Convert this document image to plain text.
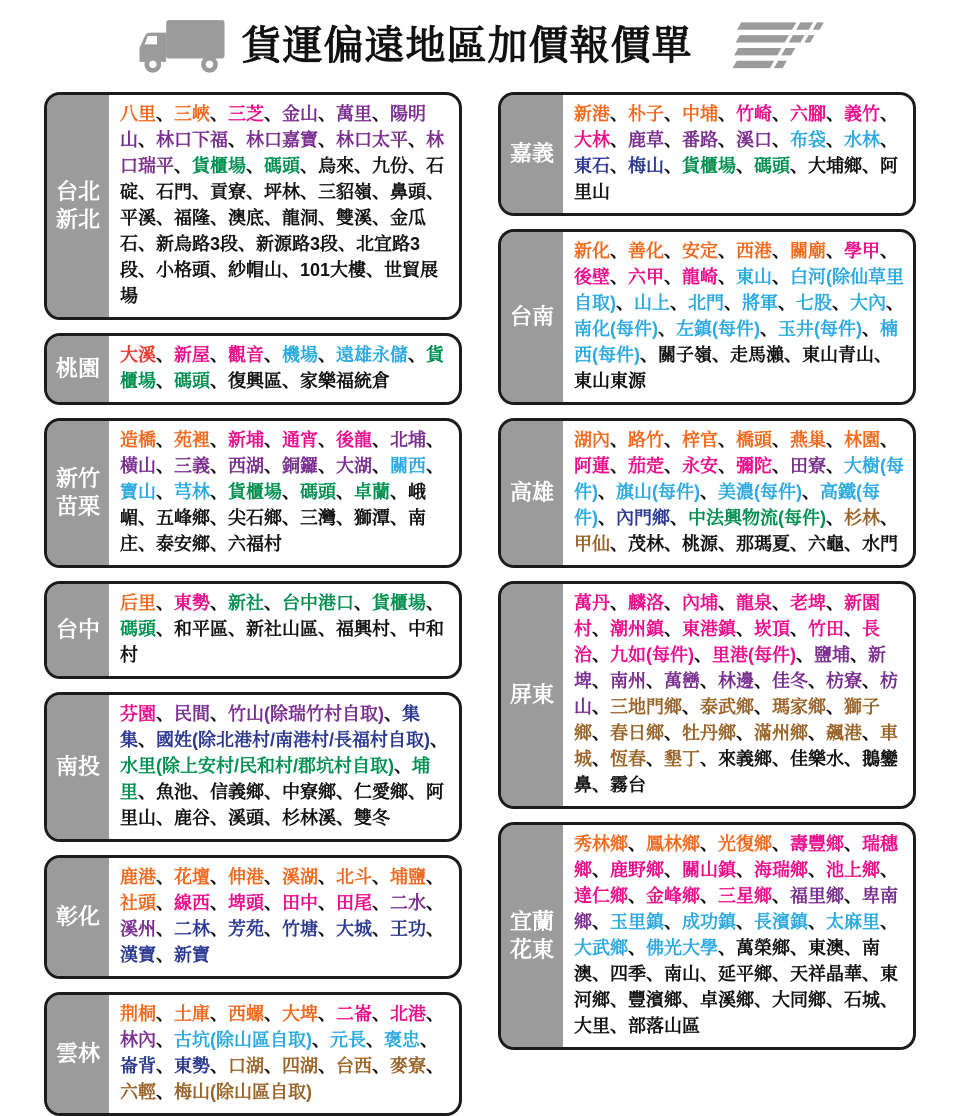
貨運偏遠地區加價報價單
台北
新北
八里、三峽、三芝、金山、萬里、陽明山、林口下福、林口嘉寶、林口太平、林口瑞平、貨櫃場、碼頭、烏來、九份、石碇、石門、貢寮、坪林、三貂嶺、鼻頭、平溪、福隆、澳底、龍洞、雙溪、金瓜石、新烏路3段、新源路3段、北宜路3段、小格頭、紗帽山、101大樓、世貿展場
桃園
大溪、新屋、觀音、機場、遠雄永儲、貨櫃場、碼頭、復興區、家樂福統倉
新竹
苗栗
造橋、苑裡、新埔、通宵、後龍、北埔、橫山、三義、西湖、銅鑼、大湖、關西、寶山、芎林、貨櫃場、碼頭、卓蘭、峨嵋、五峰鄉、尖石鄉、三灣、獅潭、南庄、泰安鄉、六福村
台中
后里、東勢、新社、台中港口、貨櫃場、碼頭、和平區、新社山區、福興村、中和村
南投
芬園、民間、竹山(除瑞竹村自取)、集集、國姓(除北港村/南港村/長福村自取)、水里(除上安村/民和村/郡坑村自取)、埔里、魚池、信義鄉、中寮鄉、仁愛鄉、阿里山、鹿谷、溪頭、杉林溪、雙冬
彰化
鹿港、花壇、伸港、溪湖、北斗、埔鹽、社頭、線西、埤頭、田中、田尾、二水、溪州、二林、芳苑、竹塘、大城、王功、漢寶、新寶
雲林
荆桐、土庫、西螺、大埤、二崙、北港、林內、古坑(除山區自取)、元長、褒忠、崙背、東勢、口湖、四湖、台西、麥寮、六輕、梅山(除山區自取)
嘉義
新港、朴子、中埔、竹崎、六腳、義竹、大林、鹿草、番路、溪口、布袋、水林、東石、梅山、貨櫃場、碼頭、大埔鄉、阿里山
台南
新化、善化、安定、西港、關廟、學甲、後壁、六甲、龍崎、東山、白河(除仙草里自取)、山上、北門、將軍、七股、大內、南化(每件)、左鎮(每件)、玉井(每件)、楠西(每件)、關子嶺、走馬瀨、東山青山、東山東源
高雄
湖內、路竹、梓官、橋頭、燕巢、林園、阿蓮、茄萣、永安、彌陀、田寮、大樹(每件)、旗山(每件)、美濃(每件)、高鐵(每件)、內門鄉、中法興物流(每件)、杉林、甲仙、茂林、桃源、那瑪夏、六龜、水門
屏東
萬丹、麟洛、內埔、龍泉、老埤、新園村、潮州鎮、東港鎮、崁頂、竹田、長治、九如(每件)、里港(每件)、鹽埔、新埤、南州、萬巒、林邊、佳冬、枋寮、枋山、三地門鄉、泰武鄉、瑪家鄉、獅子鄉、春日鄉、牡丹鄉、滿州鄉、飆港、車城、恆春、墾丁、來義鄉、佳樂水、鵝鑾鼻、霧台
宜蘭
花東
秀林鄉、鳳林鄉、光復鄉、壽豐鄉、瑞穗鄉、鹿野鄉、關山鎮、海瑞鄉、池上鄉、達仁鄉、金峰鄉、三星鄉、福里鄉、卑南鄉、玉里鎮、成功鎮、長濱鎮、太麻里、大武鄉、佛光大學、萬榮鄉、東澳、南澳、四季、南山、延平鄉、天祥晶華、東河鄉、豐濱鄉、卓溪鄉、大同鄉、石城、大里、部落山區
